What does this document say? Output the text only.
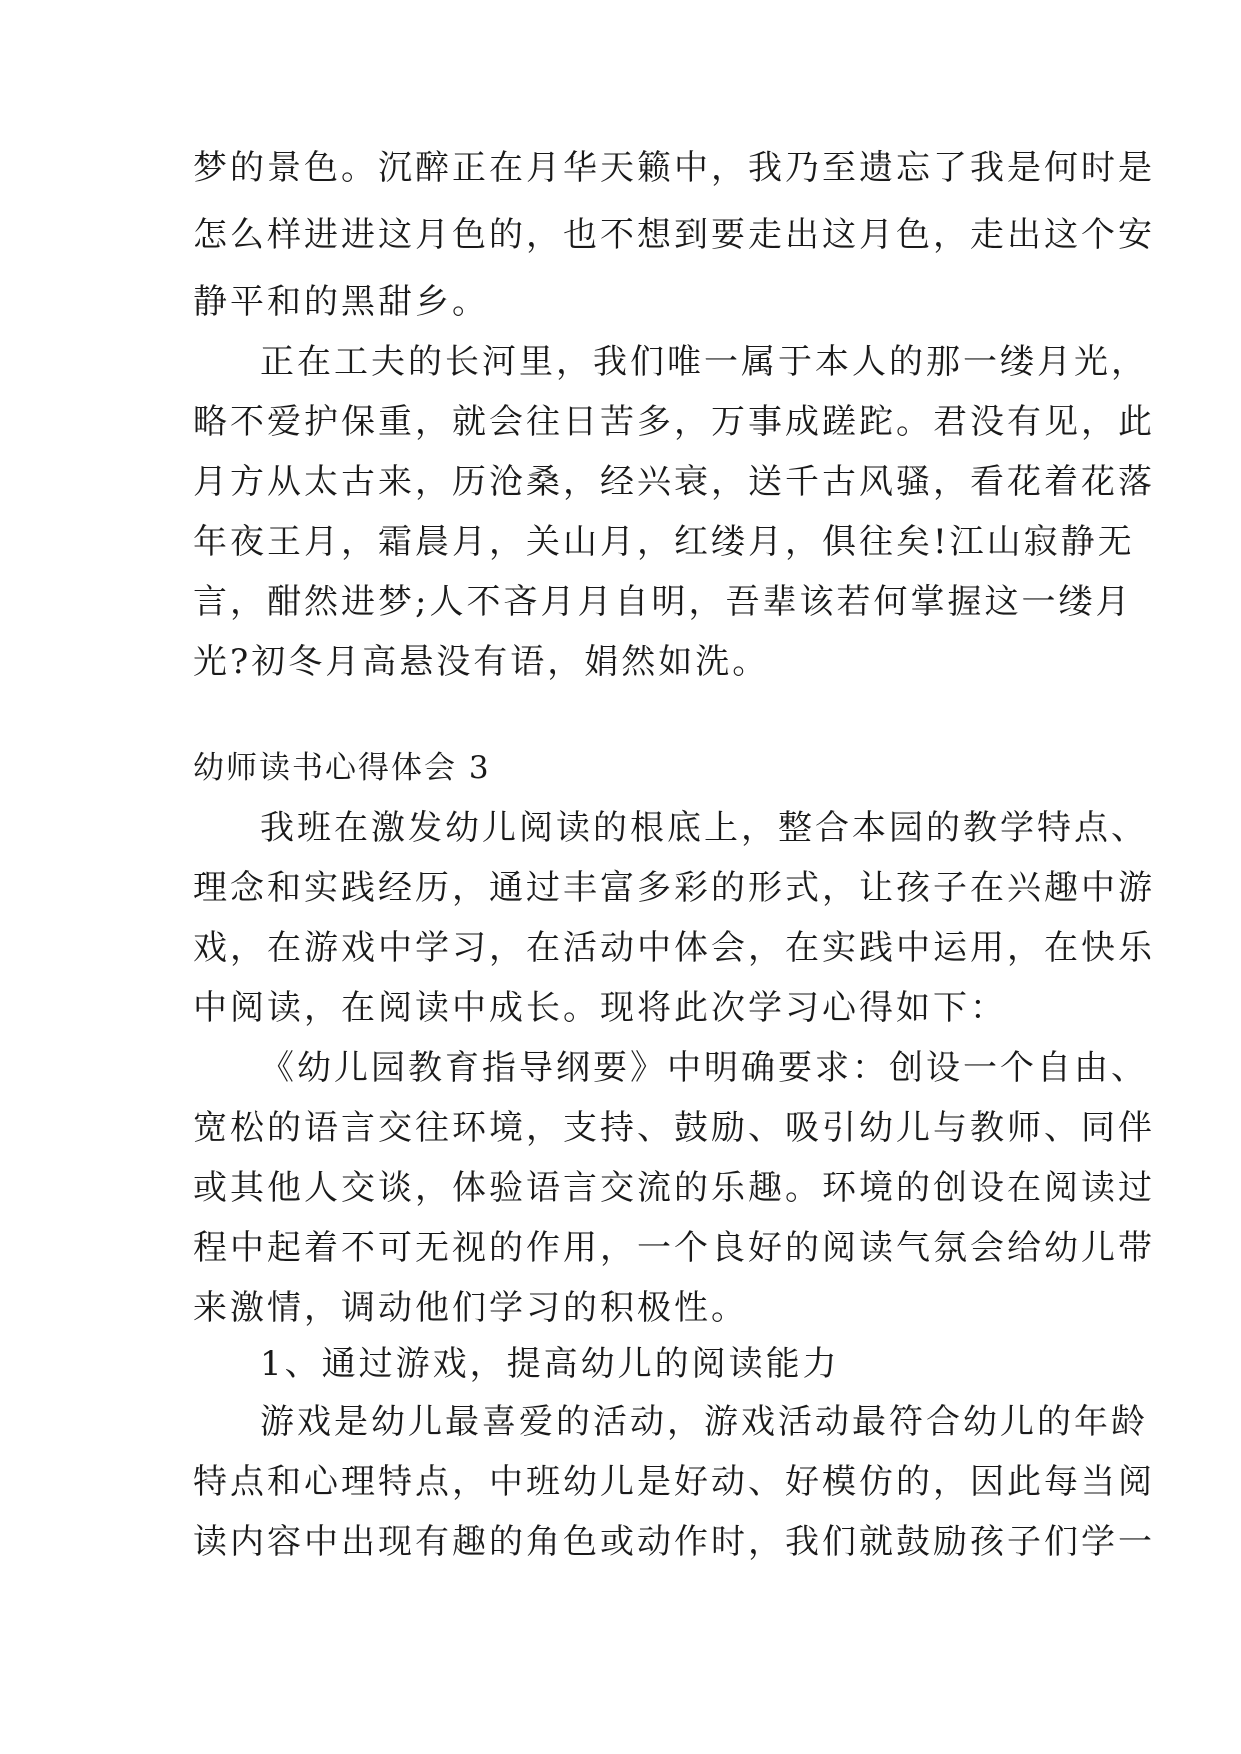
梦的景色。沉醉正在月华天籁中，我乃至遗忘了我是何时是
怎么样进进这月色的，也不想到要走出这月色，走出这个安
静平和的黑甜乡。
正在工夫的长河里，我们唯一属于本人的那一缕月光，
略不爱护保重，就会往日苦多，万事成蹉跎。君没有见，此
月方从太古来，历沧桑，经兴衰，送千古风骚，看花着花落
年夜王月，霜晨月，关山月，红缕月，俱往矣!江山寂静无
言，酣然进梦;人不吝月月自明，吾辈该若何掌握这一缕月
光?初冬月高悬没有语，娟然如洗。
幼师读书心得体会 3
我班在激发幼儿阅读的根底上，整合本园的教学特点、
理念和实践经历，通过丰富多彩的形式，让孩子在兴趣中游
戏，在游戏中学习，在活动中体会，在实践中运用，在快乐
中阅读，在阅读中成长。现将此次学习心得如下：
《幼儿园教育指导纲要》中明确要求：创设一个自由、
宽松的语言交往环境，支持、鼓励、吸引幼儿与教师、同伴
或其他人交谈，体验语言交流的乐趣。环境的创设在阅读过
程中起着不可无视的作用，一个良好的阅读气氛会给幼儿带
来激情，调动他们学习的积极性。
1、通过游戏，提高幼儿的阅读能力
游戏是幼儿最喜爱的活动，游戏活动最符合幼儿的年龄
特点和心理特点，中班幼儿是好动、好模仿的，因此每当阅
读内容中出现有趣的角色或动作时，我们就鼓励孩子们学一
